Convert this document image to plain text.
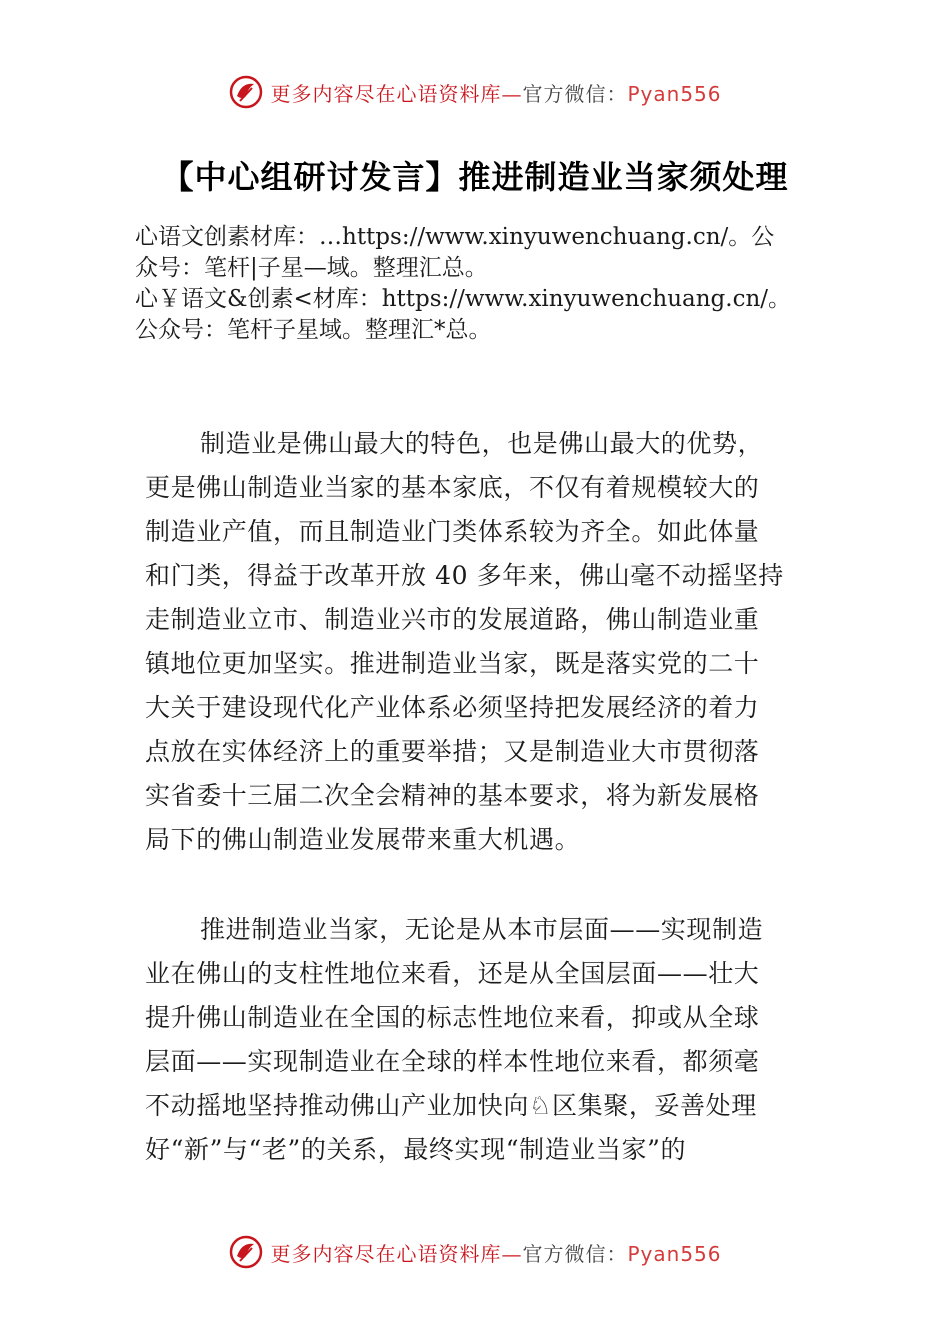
更多内容尽在心语资料库—官方微信：Pyan556
【中心组研讨发言】推进制造业当家须处理

心语文创素材库：…https://www.xinyuwenchuang.cn/。公

众号：笔杆|子星—域。整理汇总。

心￥语文&创素<材库：https://www.xinyuwenchuang.cn/。

公众号：笔杆子星域。整理汇*总。

制造业是佛山最大的特色，也是佛山最大的优势，

更是佛山制造业当家的基本家底，不仅有着规模较大的

制造业产值，而且制造业门类体系较为齐全。如此体量

和门类，得益于改革开放 40 多年来，佛山毫不动摇坚持

走制造业立市、制造业兴市的发展道路，佛山制造业重

镇地位更加坚实。推进制造业当家，既是落实党的二十

大关于建设现代化产业体系必须坚持把发展经济的着力

点放在实体经济上的重要举措；又是制造业大市贯彻落

实省委十三届二次全会精神的基本要求，将为新发展格

局下的佛山制造业发展带来重大机遇。

推进制造业当家，无论是从本市层面——实现制造

业在佛山的支柱性地位来看，还是从全国层面——壮大

提升佛山制造业在全国的标志性地位来看，抑或从全球

层面——实现制造业在全球的样本性地位来看，都须毫

不动摇地坚持推动佛山产业加快向♘区集聚，妥善处理

好“新”与“老”的关系，最终实现“制造业当家”的

更多内容尽在心语资料库—官方微信：Pyan556
